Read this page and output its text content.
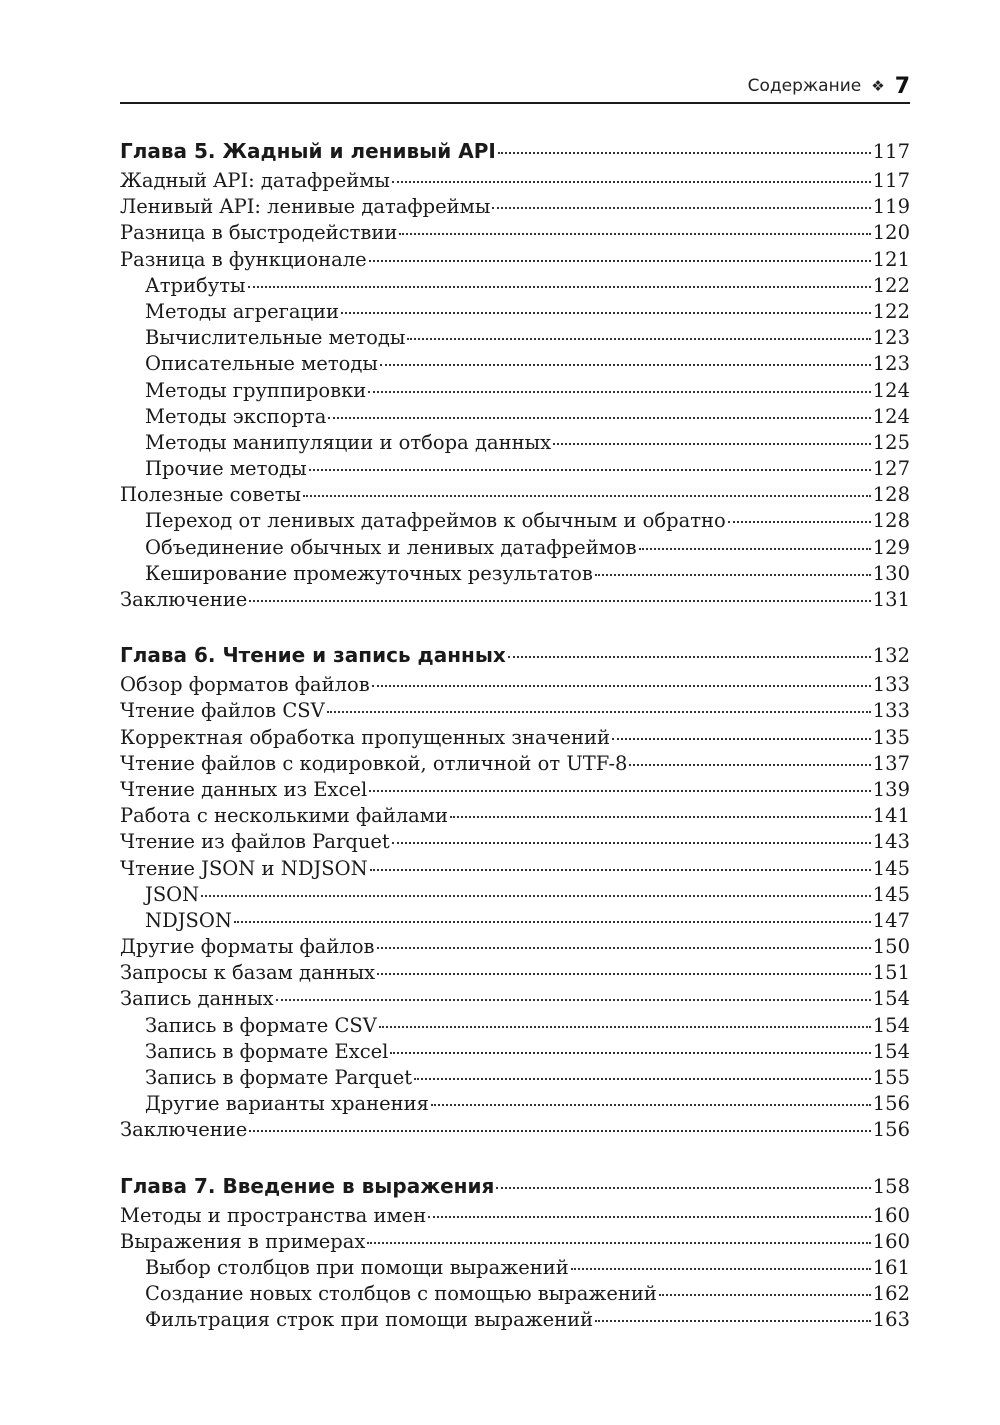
Содержание ❖ 7
Глава 5. Жадный и ленивый API	117
Жадный API: датафреймы	117
Ленивый API: ленивые датафреймы	119
Разница в быстродействии	120
Разница в функционале	121
Атрибуты	122
Методы агрегации	122
Вычислительные методы	123
Описательные методы	123
Методы группировки	124
Методы экспорта	124
Методы манипуляции и отбора данных	125
Прочие методы	127
Полезные советы	128
Переход от ленивых датафреймов к обычным и обратно	128
Объединение обычных и ленивых датафреймов	129
Кеширование промежуточных результатов	130
Заключение	131
Глава 6. Чтение и запись данных	132
Обзор форматов файлов	133
Чтение файлов CSV	133
Корректная обработка пропущенных значений	135
Чтение файлов с кодировкой, отличной от UTF-8	137
Чтение данных из Excel	139
Работа с несколькими файлами	141
Чтение из файлов Parquet	143
Чтение JSON и NDJSON	145
JSON	145
NDJSON	147
Другие форматы файлов	150
Запросы к базам данных	151
Запись данных	154
Запись в формате CSV	154
Запись в формате Excel	154
Запись в формате Parquet	155
Другие варианты хранения	156
Заключение	156
Глава 7. Введение в выражения	158
Методы и пространства имен	160
Выражения в примерах	160
Выбор столбцов при помощи выражений	161
Создание новых столбцов с помощью выражений	162
Фильтрация строк при помощи выражений	163
